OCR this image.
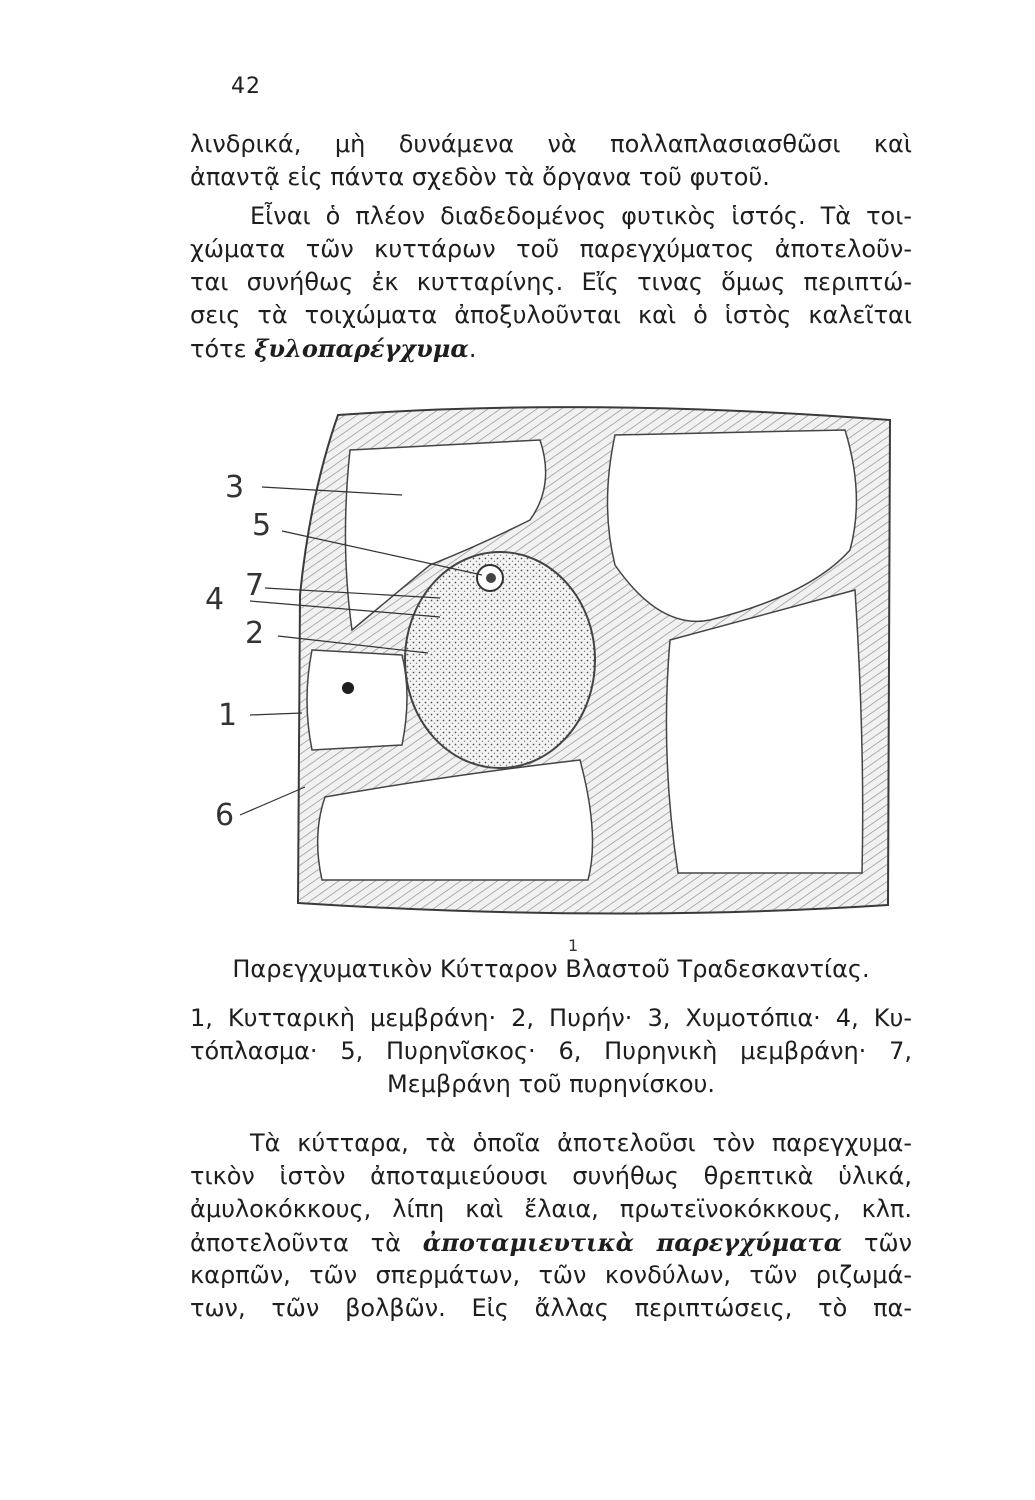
42
λινδρικά, μὴ δυνάμενα νὰ πολλαπλασιασθῶσι καὶ
ἀπαντᾷ εἰς πάντα σχεδὸν τὰ ὄργανα τοῦ φυτοῦ.
Εἶναι ὁ πλέον διαδεδομένος φυτικὸς ἱστός. Τὰ τοι-
χώματα τῶν κυττάρων τοῦ παρεγχύματος ἀποτελοῦν-
ται συνήθως ἐκ κυτταρίνης. Εἴς τινας ὅμως περιπτώ-
σεις τὰ τοιχώματα ἀποξυλοῦνται καὶ ὁ ἱστὸς καλεῖται
τότε ξυλοπαρέγχυμα.
3
5
7
4
2
1
6
1
Παρεγχυματικὸν Κύτταρον Βλαστοῦ Τραδεσκαντίας.
1, Κυτταρικὴ μεμβράνη· 2, Πυρήν· 3, Χυμοτόπια· 4, Κυ-
τόπλασμα· 5, Πυρηνῖσκος· 6, Πυρηνικὴ μεμβράνη· 7,
Μεμβράνη τοῦ πυρηνίσκου.
Τὰ κύτταρα, τὰ ὁποῖα ἀποτελοῦσι τὸν παρεγχυμα-
τικὸν ἱστὸν ἀποταμιεύουσι συνήθως θρεπτικὰ ὑλικά,
ἀμυλοκόκκους, λίπη καὶ ἔλαια, πρωτεϊνοκόκκους, κλπ.
ἀποτελοῦντα τὰ ἀποταμιευτικὰ παρεγχύματα τῶν
καρπῶν, τῶν σπερμάτων, τῶν κονδύλων, τῶν ριζωμά-
των, τῶν βολβῶν. Εἰς ἄλλας περιπτώσεις, τὸ πα-
